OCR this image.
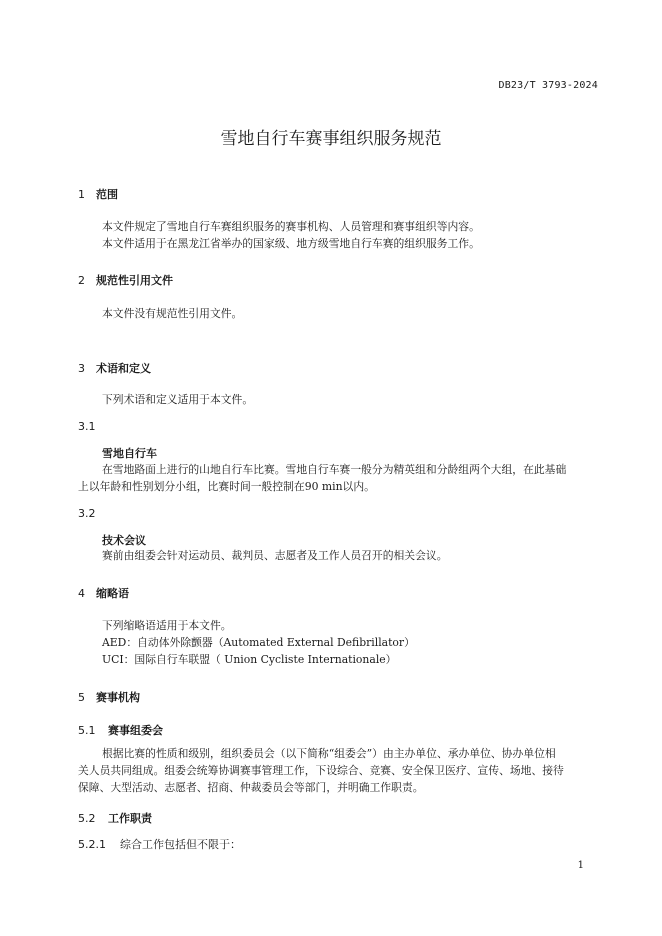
DB23/T 3793-2024
雪地自行车赛事组织服务规范
1 范围
本文件规定了雪地自行车赛组织服务的赛事机构、人员管理和赛事组织等内容。
本文件适用于在黑龙江省举办的国家级、地方级雪地自行车赛的组织服务工作。
2 规范性引用文件
本文件没有规范性引用文件。
3 术语和定义
下列术语和定义适用于本文件。
3.1
雪地自行车
在雪地路面上进行的山地自行车比赛。雪地自行车赛一般分为精英组和分龄组两个大组，在此基础
上以年龄和性别划分小组，比赛时间一般控制在90 min以内。
3.2
技术会议
赛前由组委会针对运动员、裁判员、志愿者及工作人员召开的相关会议。
4 缩略语
下列缩略语适用于本文件。
AED：自动体外除颤器（Automated External Defibrillator）
UCI：国际自行车联盟（ Union Cycliste Internationale）
5 赛事机构
5.1 赛事组委会
根据比赛的性质和级别，组织委员会（以下简称“组委会”）由主办单位、承办单位、协办单位相
关人员共同组成。组委会统筹协调赛事管理工作，下设综合、竞赛、安全保卫医疗、宣传、场地、接待
保障、大型活动、志愿者、招商、仲裁委员会等部门，并明确工作职责。
5.2 工作职责
5.2.1 综合工作包括但不限于：
1
